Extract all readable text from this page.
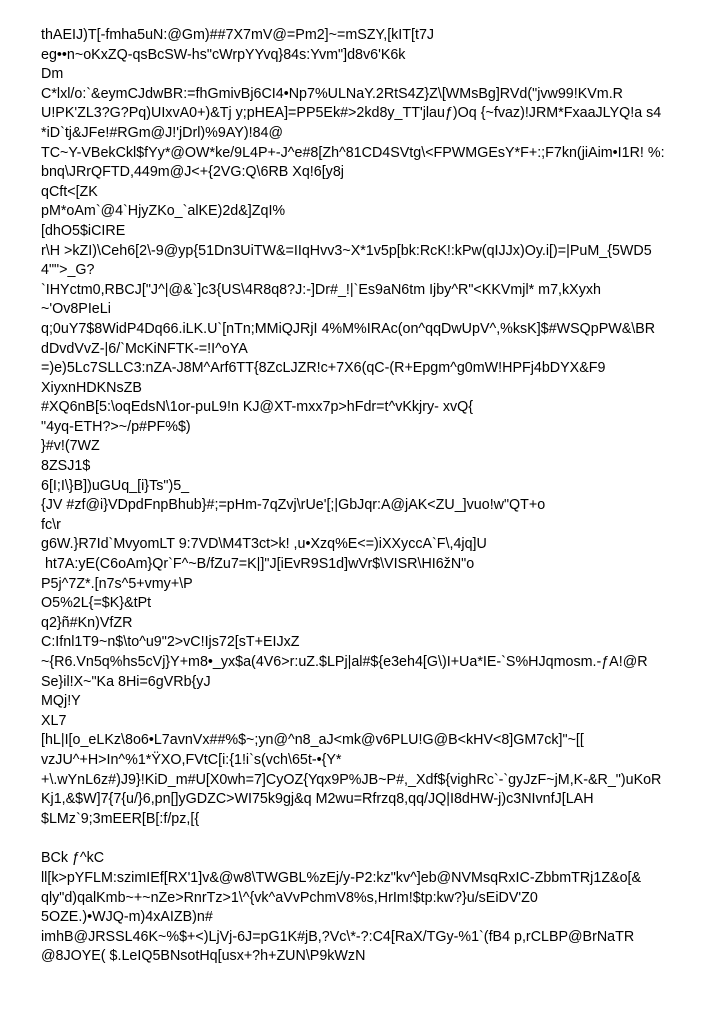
thAEIJ)T[-fmha5uN:@Gm)##7X7mV@=Pm2]~=mSZY,[kIT[t7J
eg••n~oKxZQ-qsBcSW-hs"cWrpYYvq}84s:Yvm"]d8v6'K6k
Dm
C*lxl/o:`&eymCJdwBR:=fhGmivBj6CI4•Np7%ULNaY.2RtS4Z}Z\[WMsBg]RVd("jvw99!KVm.R
U!PK'ZL3?G?Pq)UIxvA0+)&Tj y;pHEA]=PP5Ek#>2kd8y_TT'jlauƒ)Oq {~fvaz)!JRM*FxaaJLYQ!a s4
*iD`tj&JFe!#RGm@J!'jDrl)%9AY)!84@
TC~Y-VBekCkl$fYy*@OW*ke/9L4P+-J^e#8[Zh^81CD4SVtg\<FPWMGEsY*F+:;F7kn(jiAim•I1R! %:
bnq\JRrQFTD,449m@J<+{2VG:Q\6RB Xq!6[y8j
qCft<[ZK
pM*oAm`@4`HjyZKo_`alKE)2d&]ZqI%
[dhO5$iCIRE
r\H >kZI)\Ceh6[2\-9@yp{51Dn3UiTW&=IIqHvv3~X*1v5p[bk:RcK!:kPw(qIJJx)Oy.i[)=|PuM_{5WD5
4"">_G?
`IHYctm0,RBCJ["J^|@&`]c3{US\4R8q8?J:-]Dr#_!|`Es9aN6tm Ijby^R"<KKVmjl* m7,kXyxh
~'Ov8PIeLi
q;0uY7$8WidP4Dq66.iLK.U`[nTn;MMiQJRjI 4%M%IRAc(on^qqDwUpV^,%ksK]$#WSQpPW&\BR
dDvdVvZ-|6/`McKiNFTK-=!I^oYA
=)e)5Lc7SLLC3:nZA-J8M^Arf6TT{8ZcLJZR!c+7X6(qC-(R+Epgm^g0mW!HPFj4bDYX&F9
XiyxnHDKNsZB
#XQ6nB[5:\oqEdsN\1or-puL9!n KJ@XT-mxx7p>hFdr=t^vKkjry- xvQ{
"4yq-ETH?>~/p#PF%$)
}#v!(7WZ
8ZSJ1$
6[I;I\}B])uGUq_[i}Ts")5_
{JV #zf@i}VDpdFnpBhub}#;=pHm-7qZvj\rUe'[;|GbJqr:A@jAK<ZU_]vuo!w"QT+o
fc\r
g6W.}R7Id`MvyomLT 9:7VD\M4T3ct>k! ,u•Xzq%E<=)iXXyccA`F\,4jq]U
ht7A:yE(C6oAm}Qr`F^~B/fZu7=K|]"J[iEvR9S1d]wVr$\VISR\HI6žN"o
P5j^7Z*.[n7s^5+vmy+\P
O5%2L{=$K}&tPt
q2}ñ#Kn)VfZR
C:Ifnl1T9~n$\to^u9"2>vC!Ijs72[sT+EIJxZ
~{R6.Vn5q%hs5cVj}Y+m8•_yx$a(4V6>r:uZ.$LPj|al#${e3eh4[G\)I+Ua*IE-`S%HJqmosm.-ƒA!@R
Se}il!X~"Ka 8Hi=6gVRb{yJ
MQj!Y
XL7
[hL|I[o_eLKz\8o6•L7avnVx##%$~;yn@^n8_aJ<mk@v6PLU!G@B<kHV<8]GM7ck]"~[[
vzJU^+H>In^%1*ŸXO,FVtC[i:{1!i`s(vch\65t-•{Y*
+\.wYnL6z#)J9}!KiD_m#U[X0wh=7]CyOZ{Yqx9P%JB~P#,_Xdf${vighRc`-`gyJzF~jM,K-&R_")uKoR
Kj1,&$W]7{7{u/}6,pn[]yGDZC>WI75k9gj&q M2wu=Rfrzq8,qq/JQ|I8dHW-j)c3NIvnfJ[LAH
$LMz`9;3mEER[B[:f/pz,[{
BCk ƒ^kC
ll[k>pYFLM:szimIEf[RX'1]v&@w8\TWGBL%zEj/y-P2:kz"kv^]eb@NVMsqRxIC-ZbbmTRj1Z&o[&
qly"d)qalKmb~+~nZe>RnrTz>1\^{vk^aVvPchmV8%s,HrIm!$tp:kw?}u/sEiDV'Z0
5OZE.)•WJQ-m)4xAIZB)n#
imhB@JRSSL46K~%$+<)LjVj-6J=pG1K#jB,?Vc\*-?:C4[RaX/TGy-%1`(fB4 p,rCLBP@BrNaTR
@8JOYE( $.LeIQ5BNsotHq[usx+?h+ZUN\P9kWzN
